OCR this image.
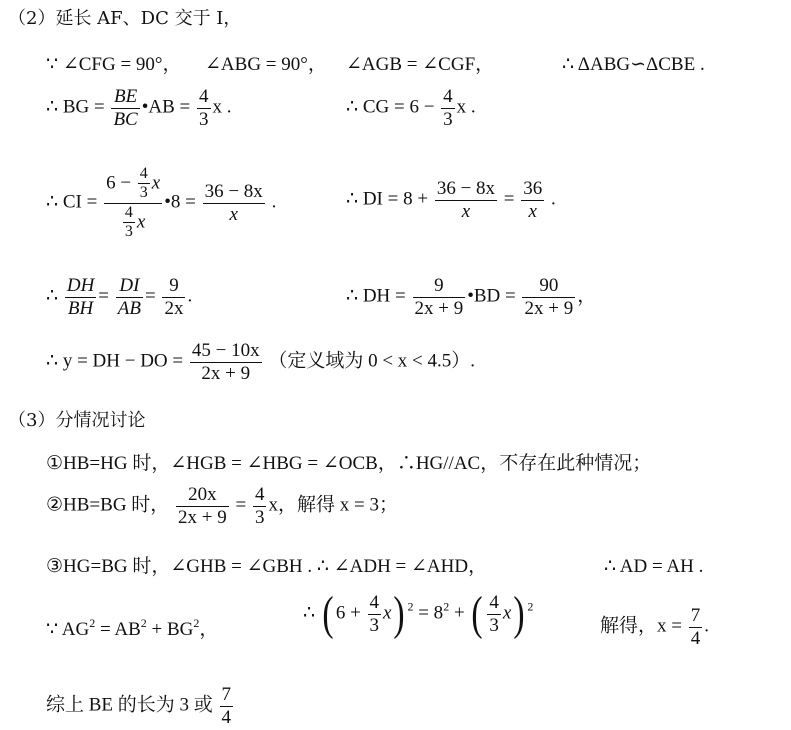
（2）延长 AF、DC 交于 I，
∵ ∠CFG = 90°， ∠ABG = 90°， ∠AGB = ∠CGF，	∴ ΔABG∽ΔCBE .
∴ BG = $\frac{BE}{BC}$ •AB = $\frac{4}{3}$ x .	∴ CG = $6 - \frac{4}{3}$ x .
∴ CI = $\frac{6 - \frac{4}{3} x}{\frac{4}{3} x}$ •8 = $\frac{36 - 8x}{x}$ .	∴ DI = $8 + \frac{36 - 8x}{x} = \frac{36}{x}$ .
∴ $\frac{DH}{BH} = \frac{DI}{AB} = \frac{9}{2x}$ .	∴ DH = $\frac{9}{2x + 9}$ •BD = $\frac{90}{2x + 9}$ ，
∴ y = DH − DO = $\frac{45 - 10x}{2x + 9}$ （定义域为 0 < x < 4.5）.
（3）分情况讨论
①HB=HG 时，∠HGB = ∠HBG = ∠OCB，∴HG//AC，不存在此种情况；
②HB=BG 时， $\frac{20x}{2x + 9} = \frac{4}{3}$ x，解得 x = 3；
③HG=BG 时，∠GHB = ∠GBH . ∴ ∠ADH = ∠AHD，	∴ AD = AH .
∵ $AG^2 = AB^2 + BG^2$，
∴ ( $6 + \frac{4}{3} x$) $^2 = 8^2$ + ( $\frac{4}{3} x$) $^2$
解得，$x = \frac{7}{4}$ .
综上 BE 的长为 3 或 $\frac{7}{4}$
